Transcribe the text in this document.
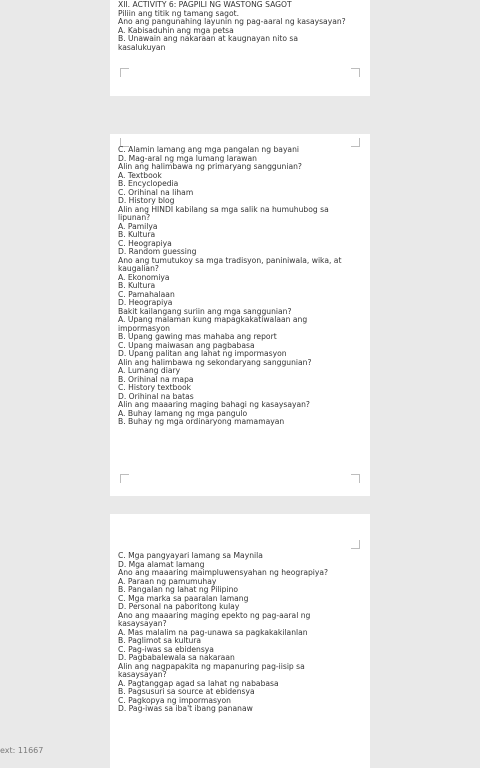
XII. ACTIVITY 6: PAGPILI NG WASTONG SAGOT
Piliin ang titik ng tamang sagot.
Ano ang pangunahing layunin ng pag-aaral ng kasaysayan?
A. Kabisaduhin ang mga petsa
B. Unawain ang nakaraan at kaugnayan nito sa
kasalukuyan
C. Alamin lamang ang mga pangalan ng bayani
D. Mag-aral ng mga lumang larawan
Alin ang halimbawa ng primaryang sanggunian?
A. Textbook
B. Encyclopedia
C. Orihinal na liham
D. History blog
Alin ang HINDI kabilang sa mga salik na humuhubog sa
lipunan?
A. Pamilya
B. Kultura
C. Heograpiya
D. Random guessing
Ano ang tumutukoy sa mga tradisyon, paniniwala, wika, at
kaugalian?
A. Ekonomiya
B. Kultura
C. Pamahalaan
D. Heograpiya
Bakit kailangang suriin ang mga sanggunian?
A. Upang malaman kung mapagkakatiwalaan ang
impormasyon
B. Upang gawing mas mahaba ang report
C. Upang maiwasan ang pagbabasa
D. Upang palitan ang lahat ng impormasyon
Alin ang halimbawa ng sekondaryang sanggunian?
A. Lumang diary
B. Orihinal na mapa
C. History textbook
D. Orihinal na batas
Alin ang maaaring maging bahagi ng kasaysayan?
A. Buhay lamang ng mga pangulo
B. Buhay ng mga ordinaryong mamamayan
C. Mga pangyayari lamang sa Maynila
D. Mga alamat lamang
Ano ang maaaring maimpluwensyahan ng heograpiya?
A. Paraan ng pamumuhay
B. Pangalan ng lahat ng Pilipino
C. Mga marka sa paaralan lamang
D. Personal na paboritong kulay
Ano ang maaaring maging epekto ng pag-aaral ng
kasaysayan?
A. Mas malalim na pag-unawa sa pagkakakilanlan
B. Paglimot sa kultura
C. Pag-iwas sa ebidensya
D. Pagbabalewala sa nakaraan
Alin ang nagpapakita ng mapanuring pag-iisip sa
kasaysayan?
A. Pagtanggap agad sa lahat ng nababasa
B. Pagsusuri sa source at ebidensya
C. Pagkopya ng impormasyon
D. Pag-iwas sa iba't ibang pananaw
ext: 11667
